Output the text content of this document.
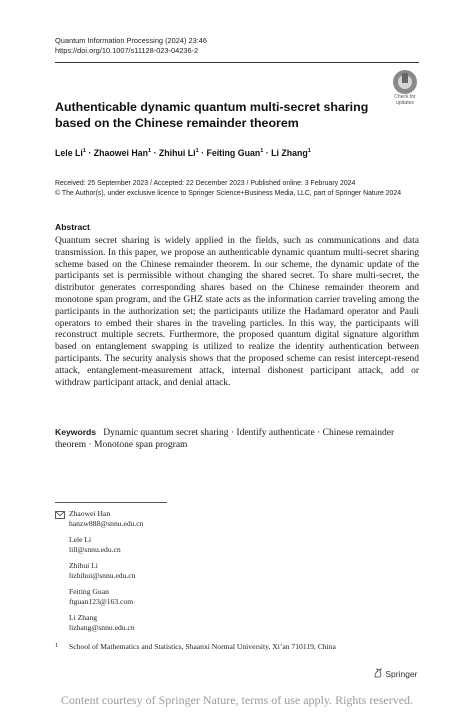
Quantum Information Processing (2024) 23:46
https://doi.org/10.1007/s11128-023-04236-2
Check for
updates
Authenticable dynamic quantum multi-secret sharing
based on the Chinese remainder theorem
Lele $Li^1$ · Zhaowei Han$^1$ · Zhihui $Li^1$ · Feiting Guan$^1$ · Li Zhang$^1$
Received: 25 September 2023 / Accepted: 22 December 2023 / Published online: 3 February 2024
© The Author(s), under exclusive licence to Springer Science+Business Media, LLC, part of Springer Nature 2024
Abstract
Quantum secret sharing is widely applied in the fields, such as communications and data transmission. In this paper, we propose an authenticable dynamic quantum multi-secret sharing scheme based on the Chinese remainder theorem. In our scheme, the dynamic update of the participants set is permissible without changing the shared secret. To share multi-secret, the distributor generates corresponding shares based on the Chinese remainder theorem and monotone span program, and the GHZ state acts as the information carrier traveling among the participants in the authorization set; the participants utilize the Hadamard operator and Pauli operators to embed their shares in the traveling particles. In this way, the participants will reconstruct multiple secrets. Furthermore, the proposed quantum digital signature algorithm based on entanglement swapping is utilized to realize the identity authentication between participants. The security analysis shows that the proposed scheme can resist intercept-resend attack, entanglement-measurement attack, internal dishonest participant attack, add or withdraw participant attack, and denial attack.
Keywords Dynamic quantum secret sharing · Identify authenticate · Chinese remainder theorem · Monotone span program
Zhaowei Han
hanzw888@snnu.edu.cn
Lele Li
lill@snnu.edu.cn
Zhihui Li
lizhihui@snnu.edu.cn
Feiting Guan
ftguan123@163.com
Li Zhang
lizhang@snnu.edu.cn
1 School of Mathematics and Statistics, Shaanxi Normal University, Xi’an 710119, China
Springer
Content courtesy of Springer Nature, terms of use apply. Rights reserved.
